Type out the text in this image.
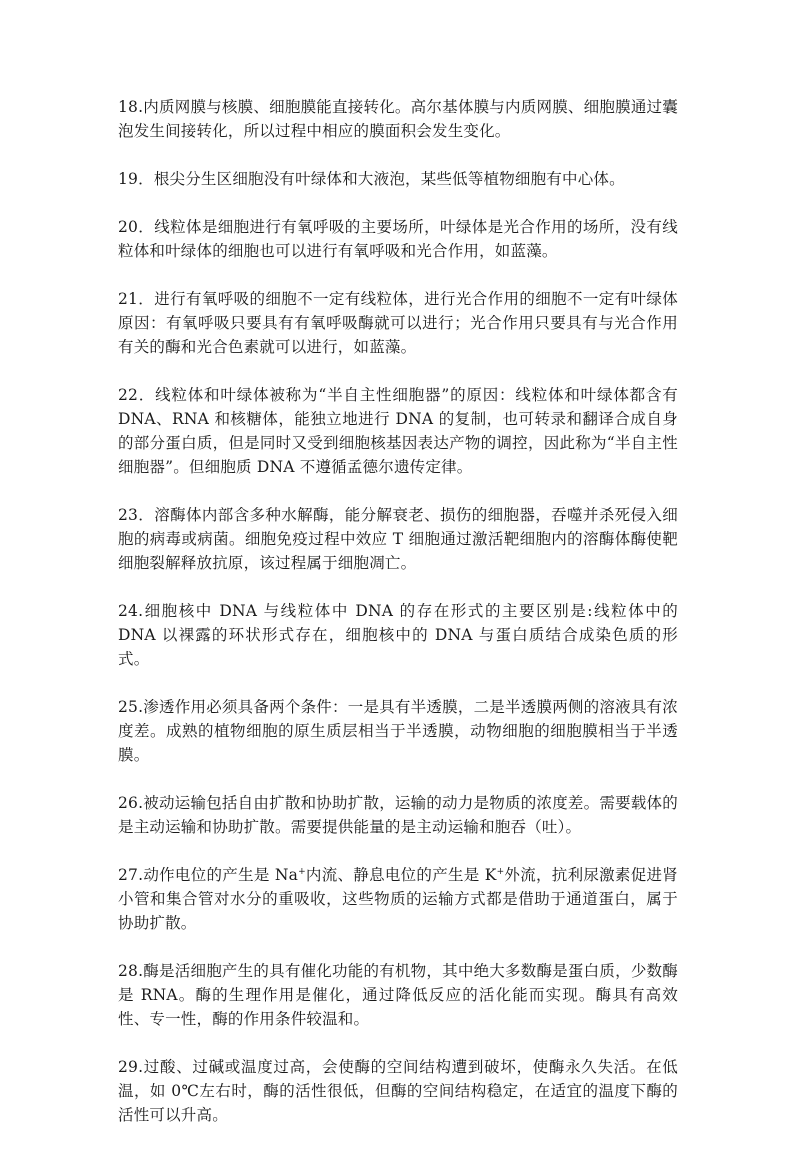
18.内质网膜与核膜、细胞膜能直接转化。高尔基体膜与内质网膜、细胞膜通过囊泡发生间接转化，所以过程中相应的膜面积会发生变化。

19．根尖分生区细胞没有叶绿体和大液泡，某些低等植物细胞有中心体。

20．线粒体是细胞进行有氧呼吸的主要场所，叶绿体是光合作用的场所，没有线粒体和叶绿体的细胞也可以进行有氧呼吸和光合作用，如蓝藻。

21．进行有氧呼吸的细胞不一定有线粒体，进行光合作用的细胞不一定有叶绿体原因：有氧呼吸只要具有有氧呼吸酶就可以进行；光合作用只要具有与光合作用有关的酶和光合色素就可以进行，如蓝藻。

22．线粒体和叶绿体被称为“半自主性细胞器”的原因：线粒体和叶绿体都含有 DNA、RNA 和核糖体，能独立地进行 DNA 的复制，也可转录和翻译合成自身的部分蛋白质，但是同时又受到细胞核基因表达产物的调控，因此称为“半自主性细胞器”。但细胞质 DNA 不遵循孟德尔遗传定律。

23．溶酶体内部含多种水解酶，能分解衰老、损伤的细胞器，吞噬并杀死侵入细胞的病毒或病菌。细胞免疫过程中效应 T 细胞通过激活靶细胞内的溶酶体酶使靶细胞裂解释放抗原，该过程属于细胞凋亡。

24.细胞核中 DNA 与线粒体中 DNA 的存在形式的主要区别是:线粒体中的 DNA 以裸露的环状形式存在，细胞核中的 DNA 与蛋白质结合成染色质的形式。

25.渗透作用必须具备两个条件：一是具有半透膜，二是半透膜两侧的溶液具有浓度差。成熟的植物细胞的原生质层相当于半透膜，动物细胞的细胞膜相当于半透膜。

26.被动运输包括自由扩散和协助扩散，运输的动力是物质的浓度差。需要载体的是主动运输和协助扩散。需要提供能量的是主动运输和胞吞（吐）。

27.动作电位的产生是 Na+内流、静息电位的产生是 K+外流，抗利尿激素促进肾小管和集合管对水分的重吸收，这些物质的运输方式都是借助于通道蛋白，属于协助扩散。

28.酶是活细胞产生的具有催化功能的有机物，其中绝大多数酶是蛋白质，少数酶是 RNA。酶的生理作用是催化，通过降低反应的活化能而实现。酶具有高效性、专一性，酶的作用条件较温和。

29.过酸、过碱或温度过高，会使酶的空间结构遭到破坏，使酶永久失活。在低温，如 0℃左右时，酶的活性很低，但酶的空间结构稳定，在适宜的温度下酶的活性可以升高。
